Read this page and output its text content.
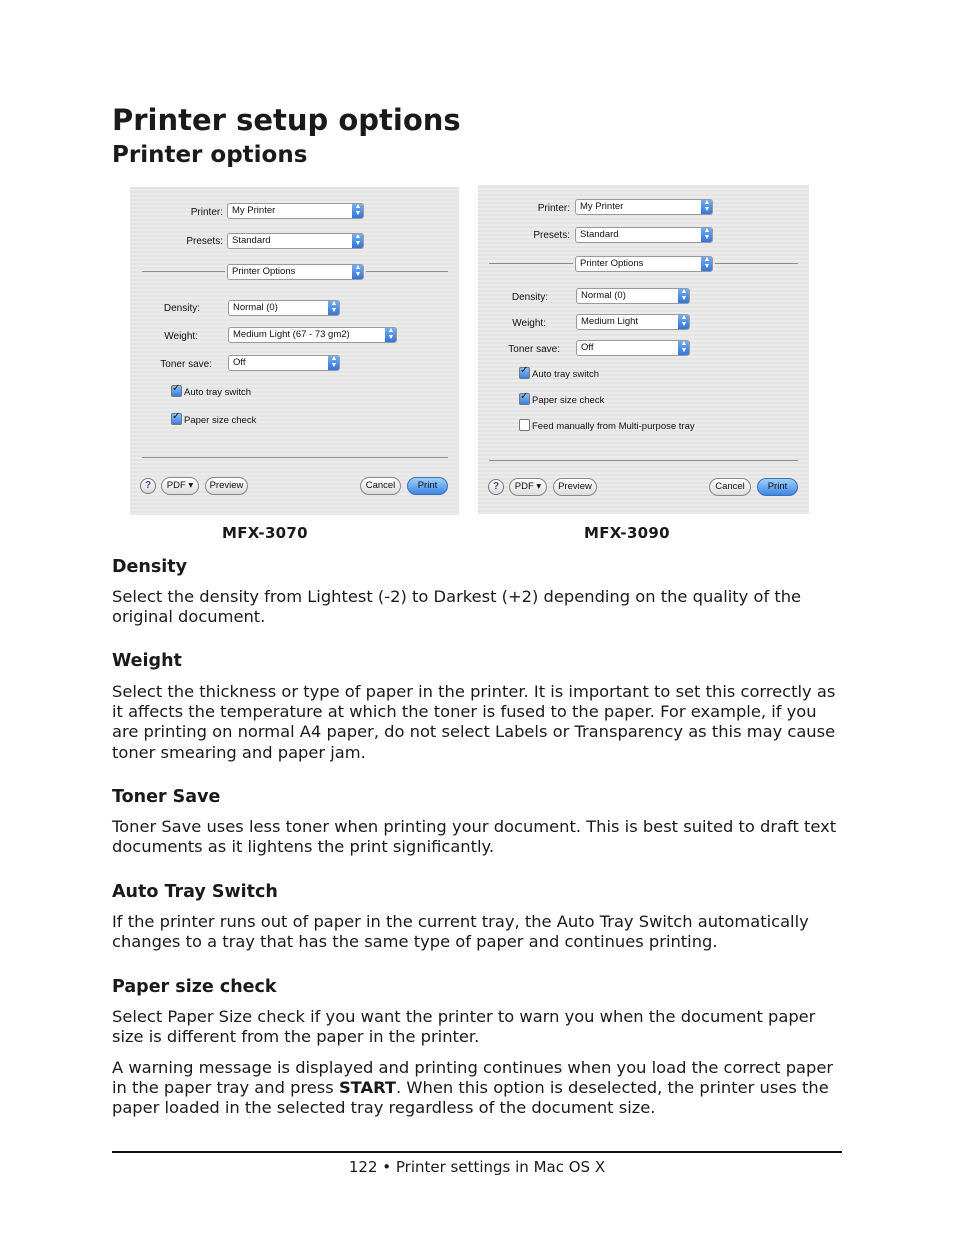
Printer setup options
Printer options
Printer: My Printer	▲
▼
Presets: Standard	▲
▼
Printer Options	▲
▼
Density:	Normal (0)	▲
▼
Weight:	Medium Light (67 - 73 gm2)	▲
▼
Toner save:	Off	▲
▼
✓Auto tray switch
✓Paper size check
?	PDF ▾	Preview	Cancel	Print
Printer:	My Printer	▲
▼
Presets:	Standard	▲
▼
Printer Options	▲
▼
Density:	Normal (0)	▲
▼
Weight:	Medium Light	▲
▼
Toner save:	Off	▲
▼
✓Auto tray switch
✓Paper size check
Feed manually from Multi-purpose tray
?	PDF ▾	Preview	Cancel	Print
MFX-3070	MFX-3090
Density

Select the density from Lightest (-2) to Darkest (+2) depending on the quality of the original document.

Weight

Select the thickness or type of paper in the printer. It is important to set this correctly as it affects the temperature at which the toner is fused to the paper. For example, if you are printing on normal A4 paper, do not select Labels or Transparency as this may cause toner smearing and paper jam.

Toner Save

Toner Save uses less toner when printing your document. This is best suited to draft text documents as it lightens the print significantly.

Auto Tray Switch

If the printer runs out of paper in the current tray, the Auto Tray Switch automatically changes to a tray that has the same type of paper and continues printing.

Paper size check

Select Paper Size check if you want the printer to warn you when the document paper size is different from the paper in the printer.

A warning message is displayed and printing continues when you load the correct paper in the paper tray and press START. When this option is deselected, the printer uses the paper loaded in the selected tray regardless of the document size.

122 • Printer settings in Mac OS X
